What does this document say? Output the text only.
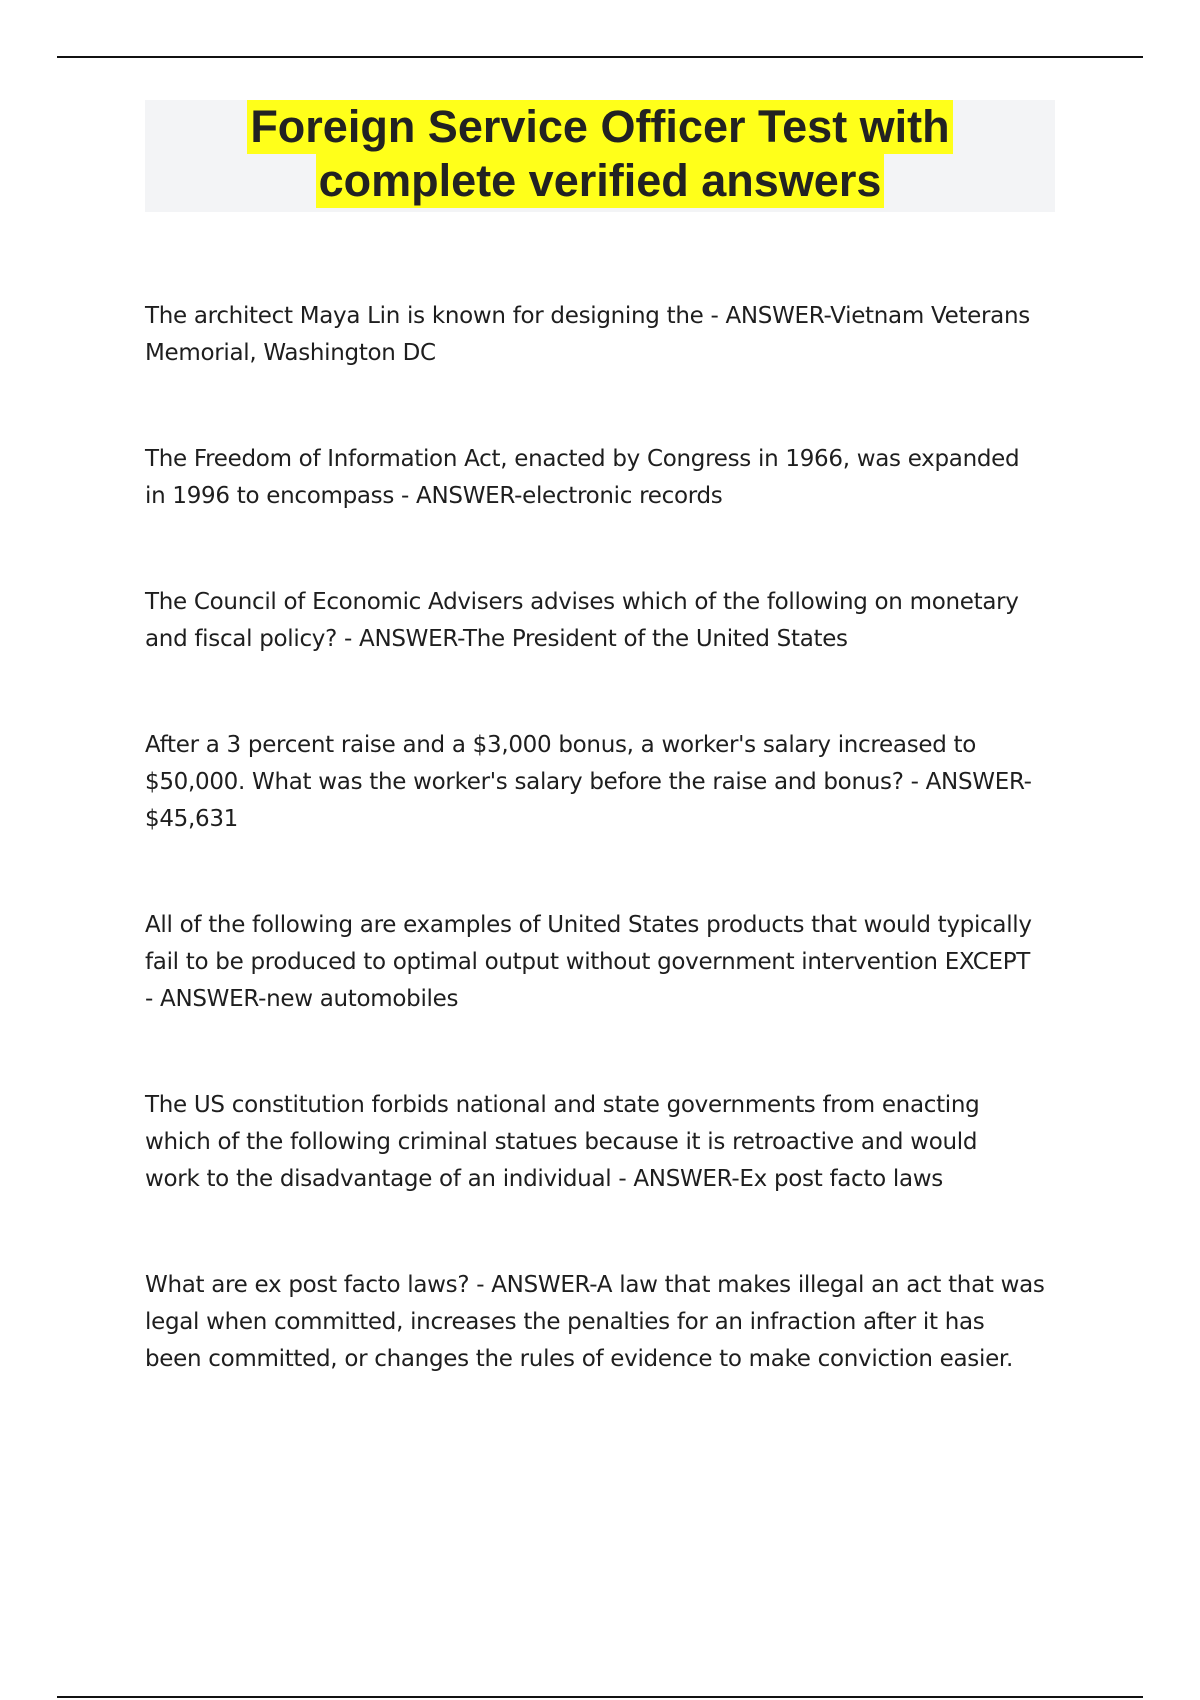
Foreign Service Officer Test with
complete verified answers

The architect Maya Lin is known for designing the - ANSWER-Vietnam Veterans
Memorial, Washington DC

The Freedom of Information Act, enacted by Congress in 1966, was expanded
in 1996 to encompass - ANSWER-electronic records

The Council of Economic Advisers advises which of the following on monetary
and fiscal policy? - ANSWER-The President of the United States

After a 3 percent raise and a $3,000 bonus, a worker's salary increased to
$50,000. What was the worker's salary before the raise and bonus? - ANSWER-
$45,631

All of the following are examples of United States products that would typically
fail to be produced to optimal output without government intervention EXCEPT
- ANSWER-new automobiles

The US constitution forbids national and state governments from enacting
which of the following criminal statues because it is retroactive and would
work to the disadvantage of an individual - ANSWER-Ex post facto laws

What are ex post facto laws? - ANSWER-A law that makes illegal an act that was
legal when committed, increases the penalties for an infraction after it has
been committed, or changes the rules of evidence to make conviction easier.
